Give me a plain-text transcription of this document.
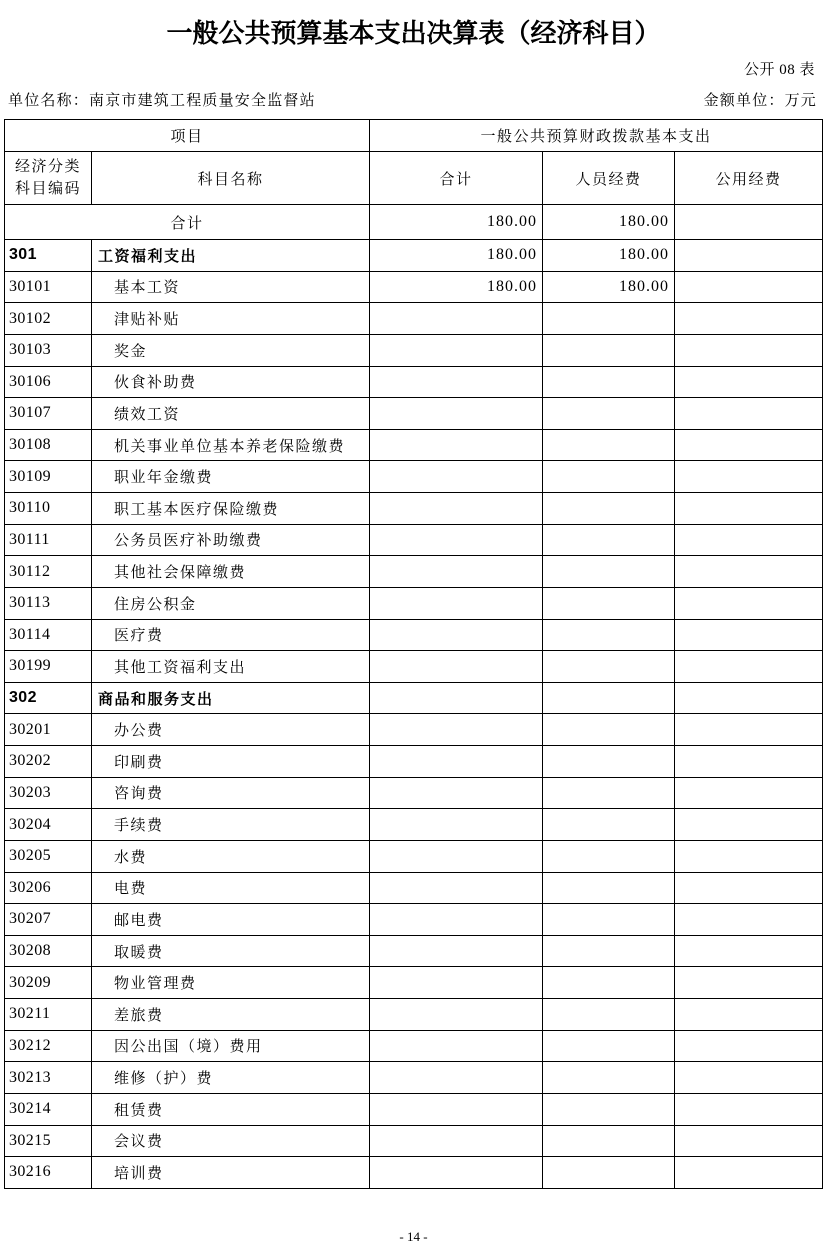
一般公共预算基本支出决算表（经济科目）
公开 08 表
单位名称：南京市建筑工程质量安全监督站	金额单位：万元
项目		一般公共预算财政拨款基本支出		

经济分类
科目编码	科目名称	合计	人员经费	公用经费
合计		180.00	180.00	
301	工资福利支出	180.00	180.00	
30101	基本工资	180.00	180.00	
30102	津贴补贴			
30103	奖金			
30106	伙食补助费			
30107	绩效工资			
30108	机关事业单位基本养老保险缴费			
30109	职业年金缴费			
30110	职工基本医疗保险缴费			
30111	公务员医疗补助缴费			
30112	其他社会保障缴费			
30113	住房公积金			
30114	医疗费			
30199	其他工资福利支出			
302	商品和服务支出			
30201	办公费			
30202	印刷费			
30203	咨询费			
30204	手续费			
30205	水费			
30206	电费			
30207	邮电费			
30208	取暖费			
30209	物业管理费			
30211	差旅费			
30212	因公出国（境）费用			
30213	维修（护）费			
30214	租赁费			
30215	会议费			
30216	培训费			
- 14 -
